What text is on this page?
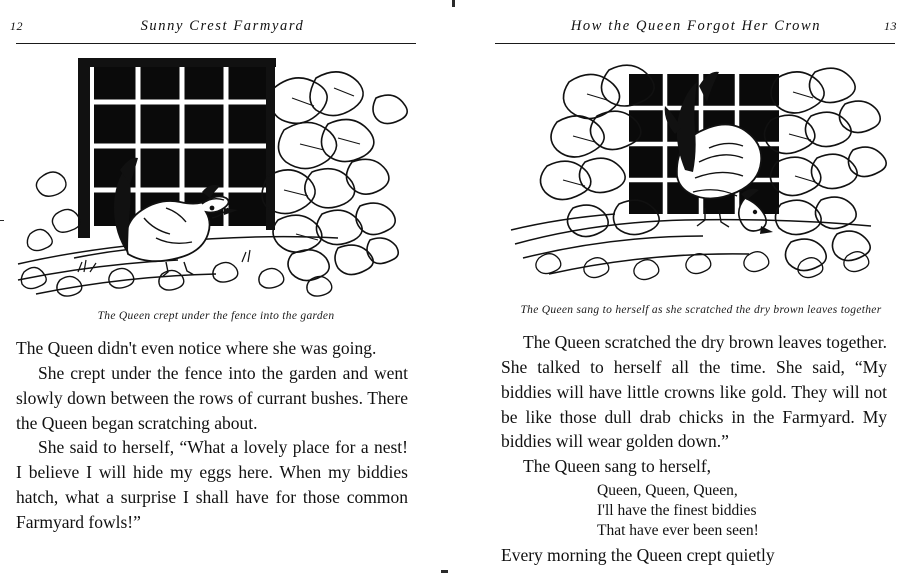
12	Sunny Crest Farmyard
The Queen crept under the fence into the garden

The Queen didn't even notice where she was going.

She crept under the fence into the garden and went slowly down between the rows of currant bushes. There the Queen began scratching about.

She said to herself, “What a lovely place for a nest! I believe I will hide my eggs here. When my biddies hatch, what a surprise I shall have for those common Farmyard fowls!”

How the Queen Forgot Her Crown	13
The Queen sang to herself as she scratched the dry brown leaves together

The Queen scratched the dry brown leaves together. She talked to herself all the time. She said, “My biddies will have little crowns like gold. They will not be like those dull drab chicks in the Farmyard. My biddies will wear golden down.”

The Queen sang to herself,

Queen, Queen, Queen,
I'll have the finest biddies
That have ever been seen!

Every morning the Queen crept quietly
